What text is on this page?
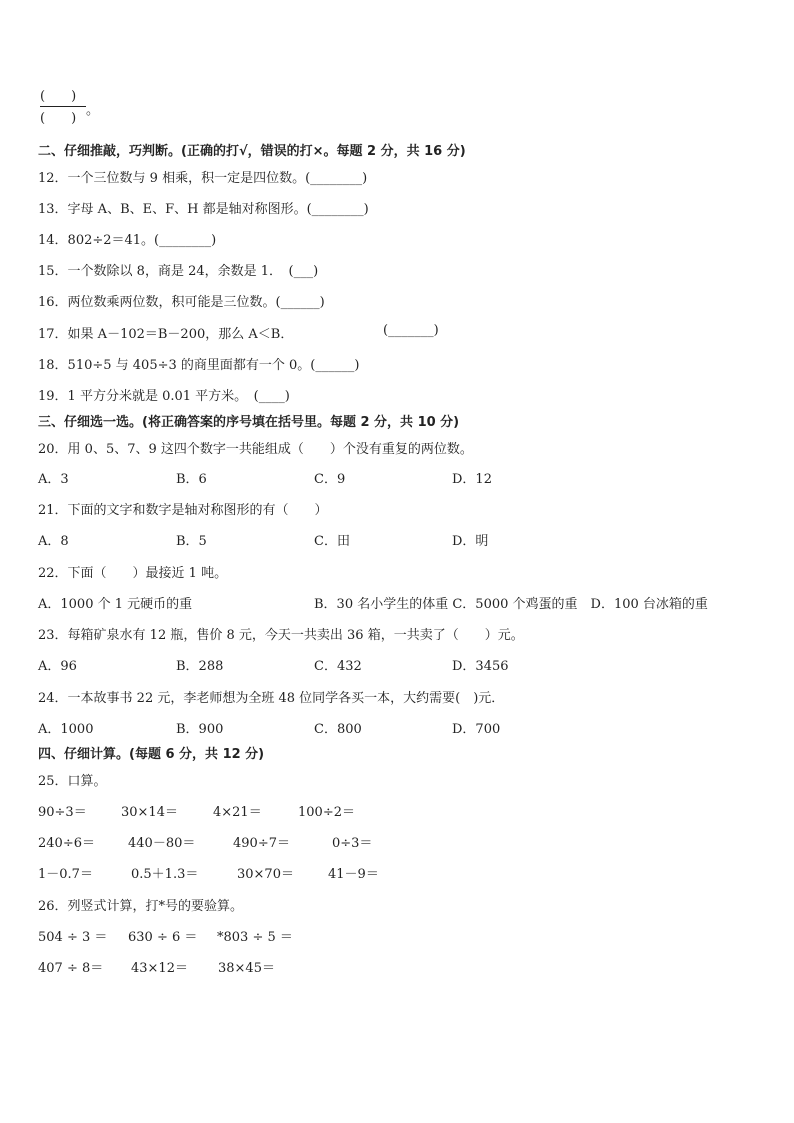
(　　)
(　　)
。
二、仔细推敲，巧判断。(正确的打√，错误的打×。每题 2 分，共 16 分)
12．一个三位数与 9 相乘，积一定是四位数。(________)
13．字母 A、B、E、F、H 都是轴对称图形。(________)
14．802÷2＝41。(________)
15．一个数除以 8，商是 24，余数是 1．　(___)
16．两位数乘两位数，积可能是三位数。(______)
17．如果 A－102＝B－200，那么 A＜B．	(_______)
18．510÷5 与 405÷3 的商里面都有一个 0。(______)
19．1 平方分米就是 0.01 平方米。　(____)
三、仔细选一选。(将正确答案的序号填在括号里。每题 2 分，共 10 分)
20．用 0、5、7、9 这四个数字一共能组成（　　）个没有重复的两位数。
A．3	B．6	C．9	D．12
21．下面的文字和数字是轴对称图形的有（　　）
A．8	B．5	C．田	D．明
22．下面（　　）最接近 1 吨。
A．1000 个 1 元硬币的重	B．30 名小学生的体重 C．5000 个鸡蛋的重　D．100 台冰箱的重
23．每箱矿泉水有 12 瓶，售价 8 元，今天一共卖出 36 箱，一共卖了（　　）元。
A．96	B．288	C．432	D．3456
24．一本故事书 22 元，李老师想为全班 48 位同学各买一本，大约需要(　)元．
A．1000	B．900	C．800	D．700
四、仔细计算。(每题 6 分，共 12 分)
25．口算。
90÷3＝	30×14＝	4×21＝	100÷2＝
240÷6＝	440－80＝	490÷7＝	0÷3＝
1－0.7＝	0.5＋1.3＝	30×70＝	41－9＝
26．列竖式计算，打*号的要验算。
504 ÷ 3 ＝ 630 ÷ 6 ＝ *803 ÷ 5 ＝
407 ÷ 8＝ 43×12＝ 38×45＝
